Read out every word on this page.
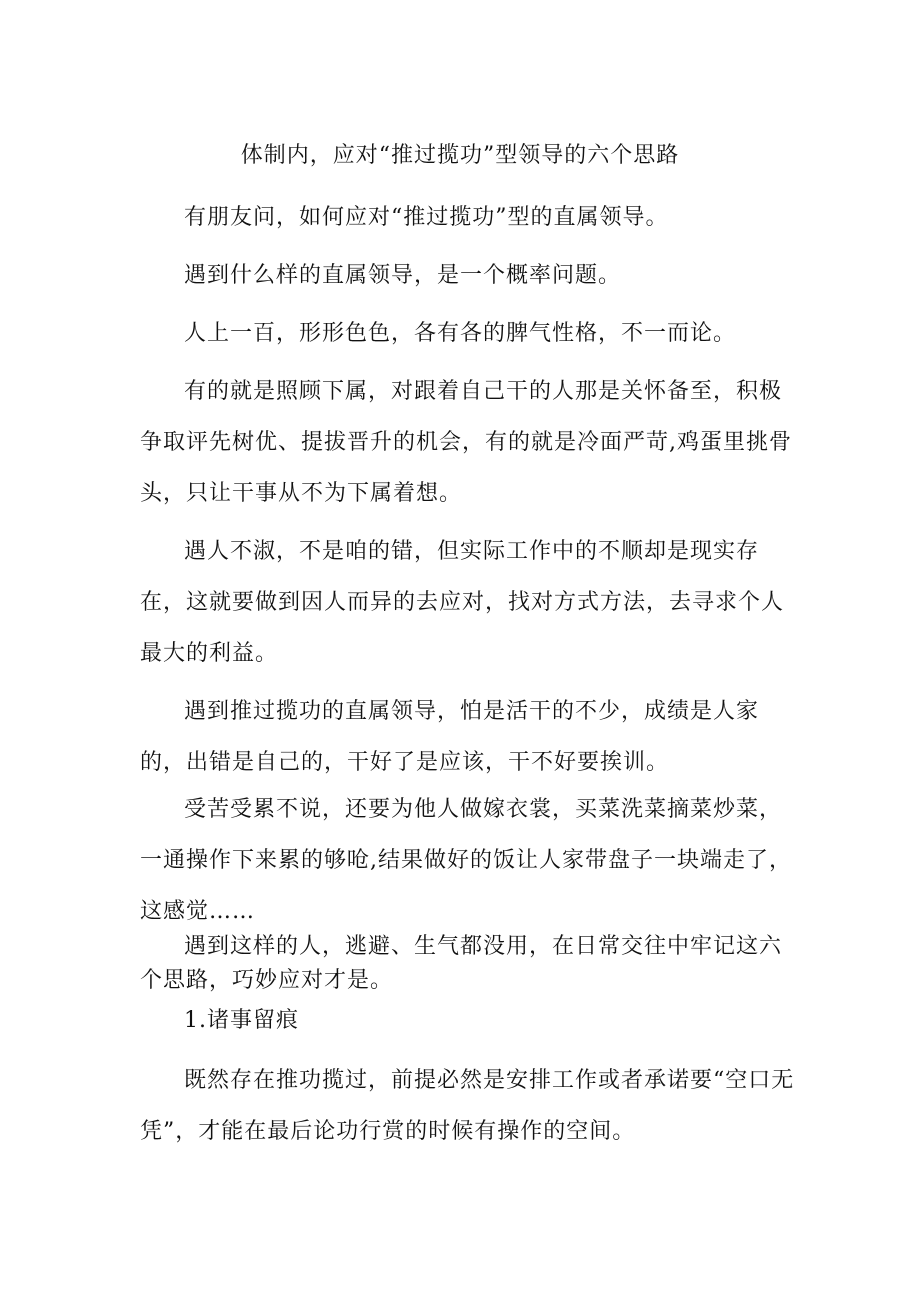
体制内，应对“推过揽功”型领导的六个思路

有朋友问，如何应对“推过揽功”型的直属领导。

遇到什么样的直属领导，是一个概率问题。

人上一百，形形色色，各有各的脾气性格，不一而论。

有的就是照顾下属，对跟着自己干的人那是关怀备至，积极争取评先树优、提拔晋升的机会，有的就是冷面严苛,鸡蛋里挑骨头，只让干事从不为下属着想。

遇人不淑，不是咱的错，但实际工作中的不顺却是现实存在，这就要做到因人而异的去应对，找对方式方法，去寻求个人最大的利益。

遇到推过揽功的直属领导，怕是活干的不少，成绩是人家的，出错是自己的，干好了是应该，干不好要挨训。

受苦受累不说，还要为他人做嫁衣裳，买菜洗菜摘菜炒菜，一通操作下来累的够呛,结果做好的饭让人家带盘子一块端走了，这感觉……

遇到这样的人，逃避、生气都没用，在日常交往中牢记这六个思路，巧妙应对才是。

1.诸事留痕

既然存在推功揽过，前提必然是安排工作或者承诺要“空口无凭”，才能在最后论功行赏的时候有操作的空间。
